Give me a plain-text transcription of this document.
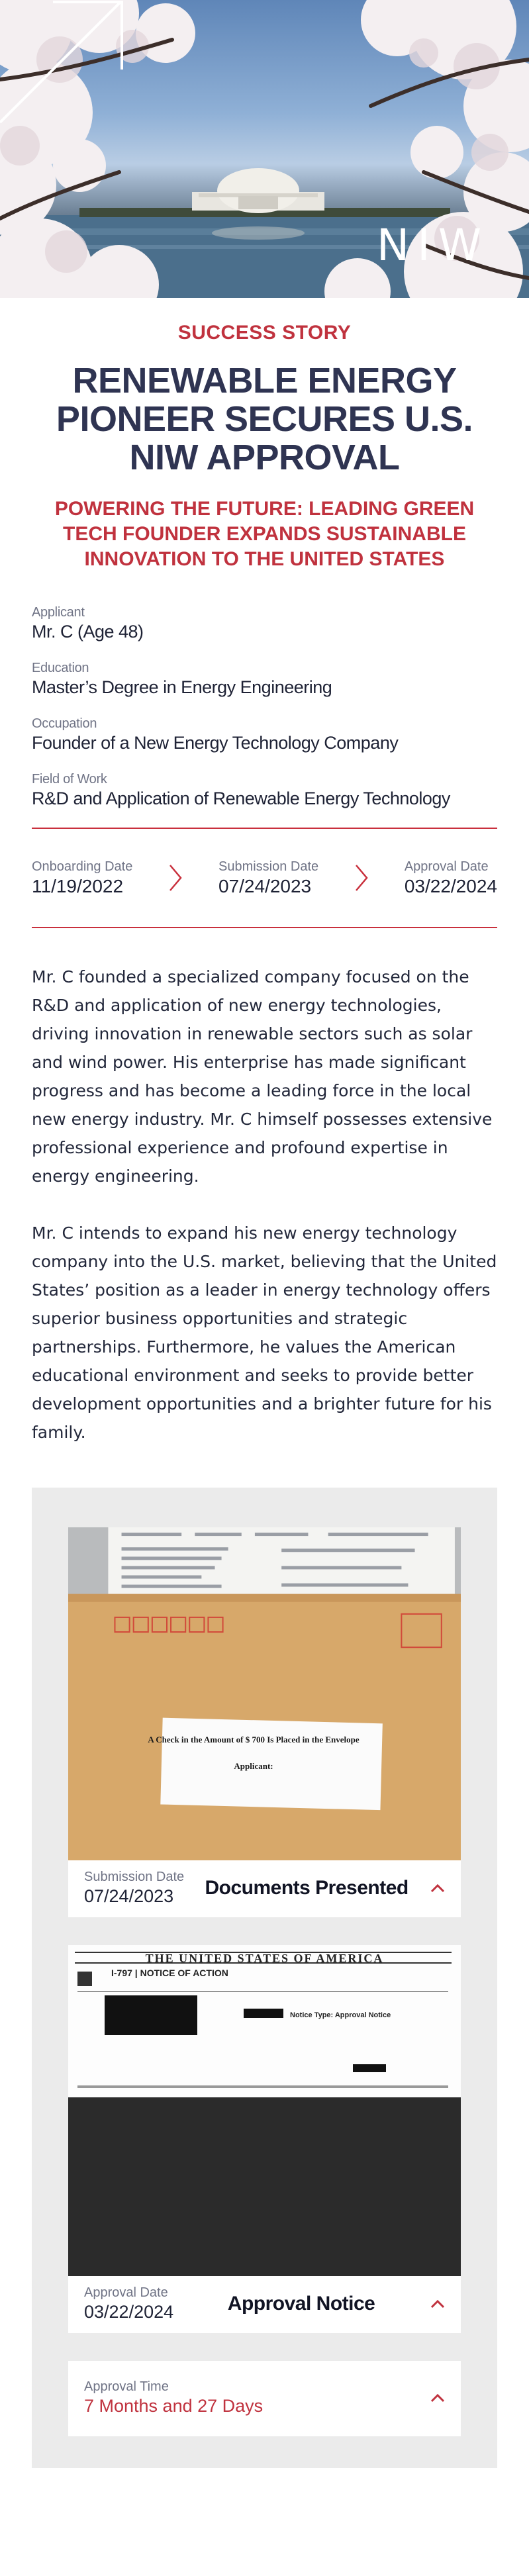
NIW
SUCCESS STORY
RENEWABLE ENERGY PIONEER SECURES U.S. NIW APPROVAL
POWERING THE FUTURE: LEADING GREEN TECH FOUNDER EXPANDS SUSTAINABLE INNOVATION TO THE UNITED STATES
Applicant
Mr. C (Age 48)
Education
Master’s Degree in Energy Engineering
Occupation
Founder of a New Energy Technology Company
Field of Work
R&D and Application of Renewable Energy Technology
Onboarding Date
11/19/2022
Submission Date
07/24/2023
Approval Date
03/22/2024

Mr. C founded a specialized company focused on the R&D and application of new energy technologies, driving innovation in renewable sectors such as solar and wind power. His enterprise has made significant progress and has become a leading force in the local new energy industry. Mr. C himself possesses extensive professional experience and profound expertise in energy engineering.

Mr. C intends to expand his new energy technology company into the U.S. market, believing that the United States’ position as a leader in energy technology offers superior business opportunities and strategic partnerships. Furthermore, he values the American educational environment and seeks to provide better development opportunities and a brighter future for his family.

A Check in the Amount of $ 700 Is Placed in the Envelope
Applicant:
Submission Date
07/24/2023	Documents Presented
THE UNITED STATES OF AMERICA
I-797 | NOTICE OF ACTION
Notice Type: Approval Notice
Approval Date
03/22/2024	Approval Notice
Approval Time
7 Months and 27 Days
